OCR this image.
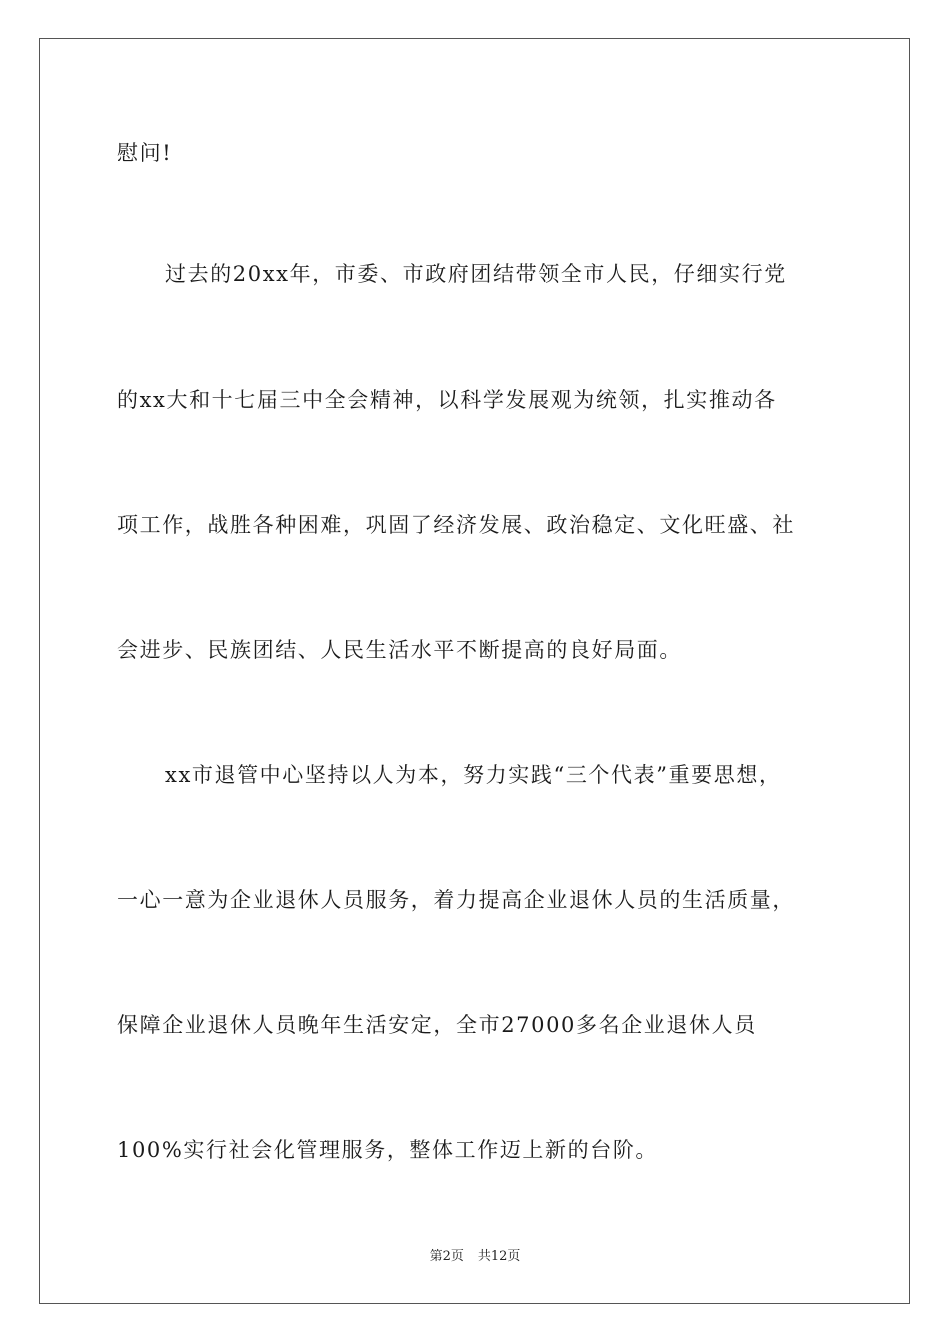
慰问!
过去的20xx年，市委、市政府团结带领全市人民，仔细实行党
的xx大和十七届三中全会精神，以科学发展观为统领，扎实推动各
项工作，战胜各种困难，巩固了经济发展、政治稳定、文化旺盛、社
会进步、民族团结、人民生活水平不断提高的良好局面。
xx市退管中心坚持以人为本，努力实践“三个代表”重要思想，
一心一意为企业退休人员服务，着力提高企业退休人员的生活质量，
保障企业退休人员晚年生活安定，全市27000多名企业退休人员
100%实行社会化管理服务，整体工作迈上新的台阶。
第2页 共12页
